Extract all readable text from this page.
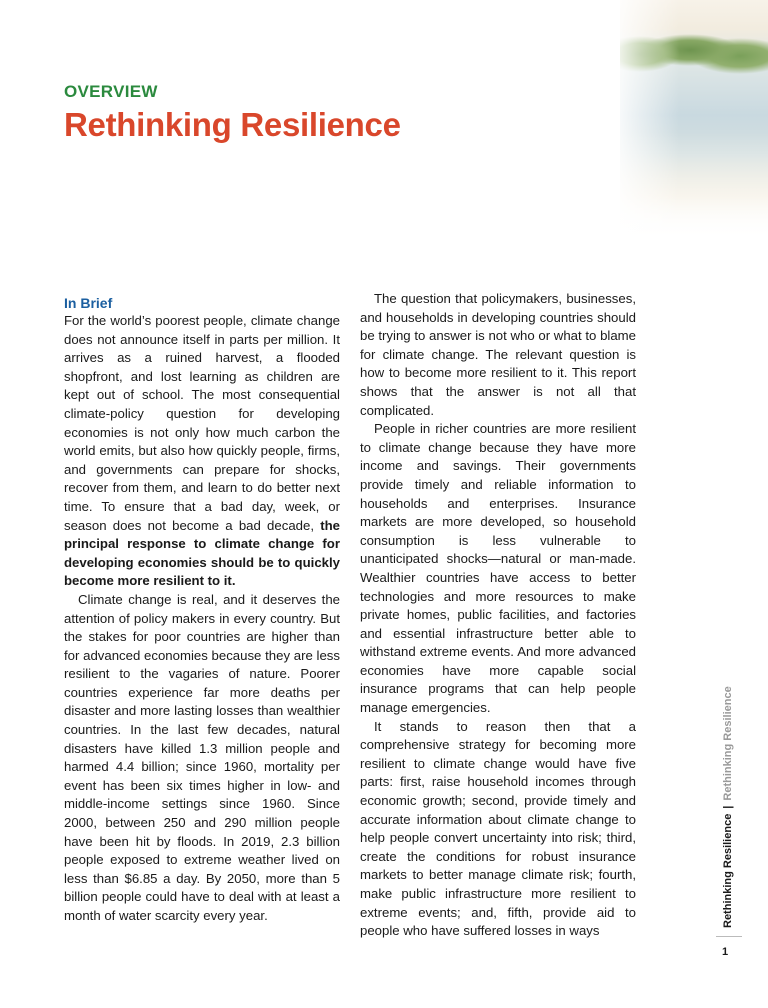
OVERVIEW
Rethinking Resilience
In Brief

For the world’s poorest people, climate change does not announce itself in parts per million. It arrives as a ruined harvest, a flooded shopfront, and lost learning as children are kept out of school. The most consequential climate-policy question for developing economies is not only how much carbon the world emits, but also how quickly people, firms, and governments can prepare for shocks, recover from them, and learn to do better next time. To ensure that a bad day, week, or season does not become a bad decade, the principal response to climate change for developing economies should be to quickly become more resilient to it.

Climate change is real, and it deserves the attention of policy makers in every country. But the stakes for poor countries are higher than for advanced economies because they are less resilient to the vagaries of nature. Poorer countries experience far more deaths per disaster and more lasting losses than wealthier countries. In the last few decades, natural disasters have killed 1.3 million people and harmed 4.4 billion; since 1960, mortality per event has been six times higher in low- and middle-income settings since 1960. Since 2000, between 250 and 290 million people have been hit by floods. In 2019, 2.3 billion people exposed to extreme weather lived on less than $6.85 a day. By 2050, more than 5 billion people could have to deal with at least a month of water scarcity every year.

The question that policymakers, businesses, and households in developing countries should be trying to answer is not who or what to blame for climate change. The relevant question is how to become more resilient to it. This report shows that the answer is not all that complicated.

People in richer countries are more resilient to climate change because they have more income and savings. Their governments provide timely and reliable information to households and enterprises. Insurance markets are more developed, so household consumption is less vulnerable to unanticipated shocks—natural or man-made. Wealthier countries have access to better technologies and more resources to make private homes, public facilities, and factories and essential infrastructure better able to withstand extreme events. And more advanced economies have more capable social insurance programs that can help people manage emergencies.

It stands to reason then that a comprehensive strategy for becoming more resilient to climate change would have five parts: first, raise household incomes through economic growth; second, provide timely and accurate information about climate change to help people convert uncertainty into risk; third, create the conditions for robust insurance markets to better manage climate risk; fourth, make public infrastructure more resilient to extreme events; and, fifth, provide aid to people who have suffered losses in ways

Rethinking Resilience|Rethinking Resilience
1
